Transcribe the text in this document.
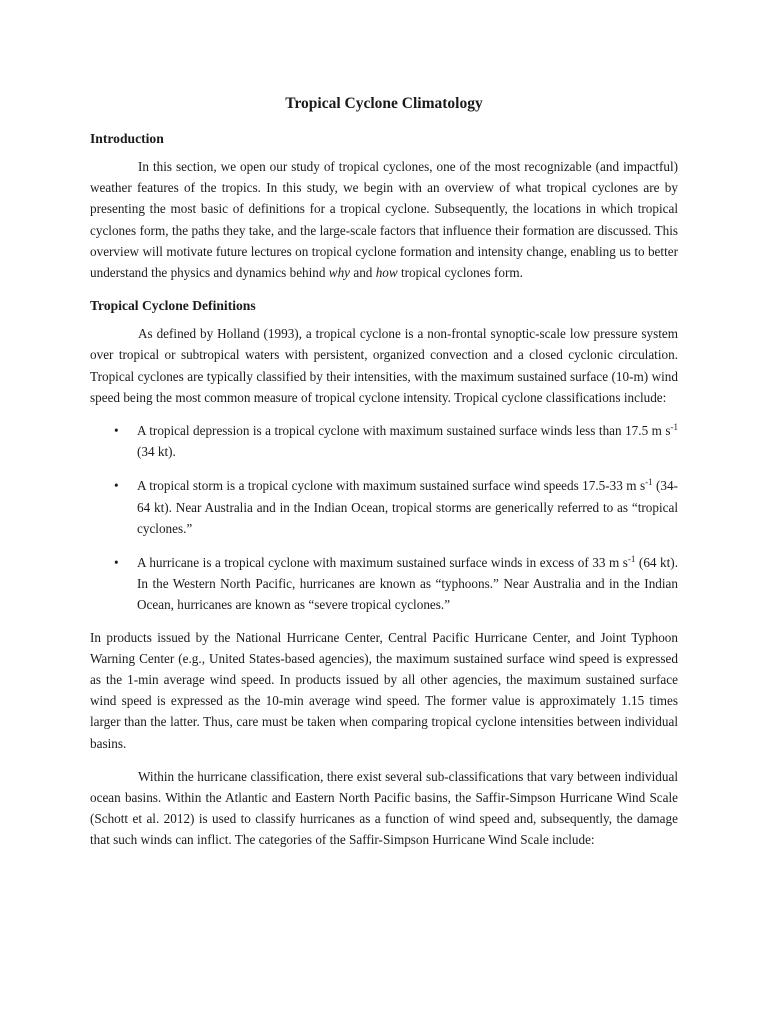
Tropical Cyclone Climatology
Introduction

In this section, we open our study of tropical cyclones, one of the most recognizable (and impactful) weather features of the tropics. In this study, we begin with an overview of what tropical cyclones are by presenting the most basic of definitions for a tropical cyclone. Subsequently, the locations in which tropical cyclones form, the paths they take, and the large-scale factors that influence their formation are discussed. This overview will motivate future lectures on tropical cyclone formation and intensity change, enabling us to better understand the physics and dynamics behind why and how tropical cyclones form.

Tropical Cyclone Definitions

As defined by Holland (1993), a tropical cyclone is a non-frontal synoptic-scale low pressure system over tropical or subtropical waters with persistent, organized convection and a closed cyclonic circulation. Tropical cyclones are typically classified by their intensities, with the maximum sustained surface (10-m) wind speed being the most common measure of tropical cyclone intensity. Tropical cyclone classifications include:

• A tropical depression is a tropical cyclone with maximum sustained surface winds less than 17.5 m $s^{-1}$ (34 kt).
• A tropical storm is a tropical cyclone with maximum sustained surface wind speeds 17.5-33 m $s^{-1}$ (34-64 kt). Near Australia and in the Indian Ocean, tropical storms are generically referred to as “tropical cyclones.”
• A hurricane is a tropical cyclone with maximum sustained surface winds in excess of 33 m $s^{-1}$ (64 kt). In the Western North Pacific, hurricanes are known as “typhoons.” Near Australia and in the Indian Ocean, hurricanes are known as “severe tropical cyclones.”

In products issued by the National Hurricane Center, Central Pacific Hurricane Center, and Joint Typhoon Warning Center (e.g., United States-based agencies), the maximum sustained surface wind speed is expressed as the 1-min average wind speed. In products issued by all other agencies, the maximum sustained surface wind speed is expressed as the 10-min average wind speed. The former value is approximately 1.15 times larger than the latter. Thus, care must be taken when comparing tropical cyclone intensities between individual basins.

Within the hurricane classification, there exist several sub-classifications that vary between individual ocean basins. Within the Atlantic and Eastern North Pacific basins, the Saffir-Simpson Hurricane Wind Scale (Schott et al. 2012) is used to classify hurricanes as a function of wind speed and, subsequently, the damage that such winds can inflict. The categories of the Saffir-Simpson Hurricane Wind Scale include:
